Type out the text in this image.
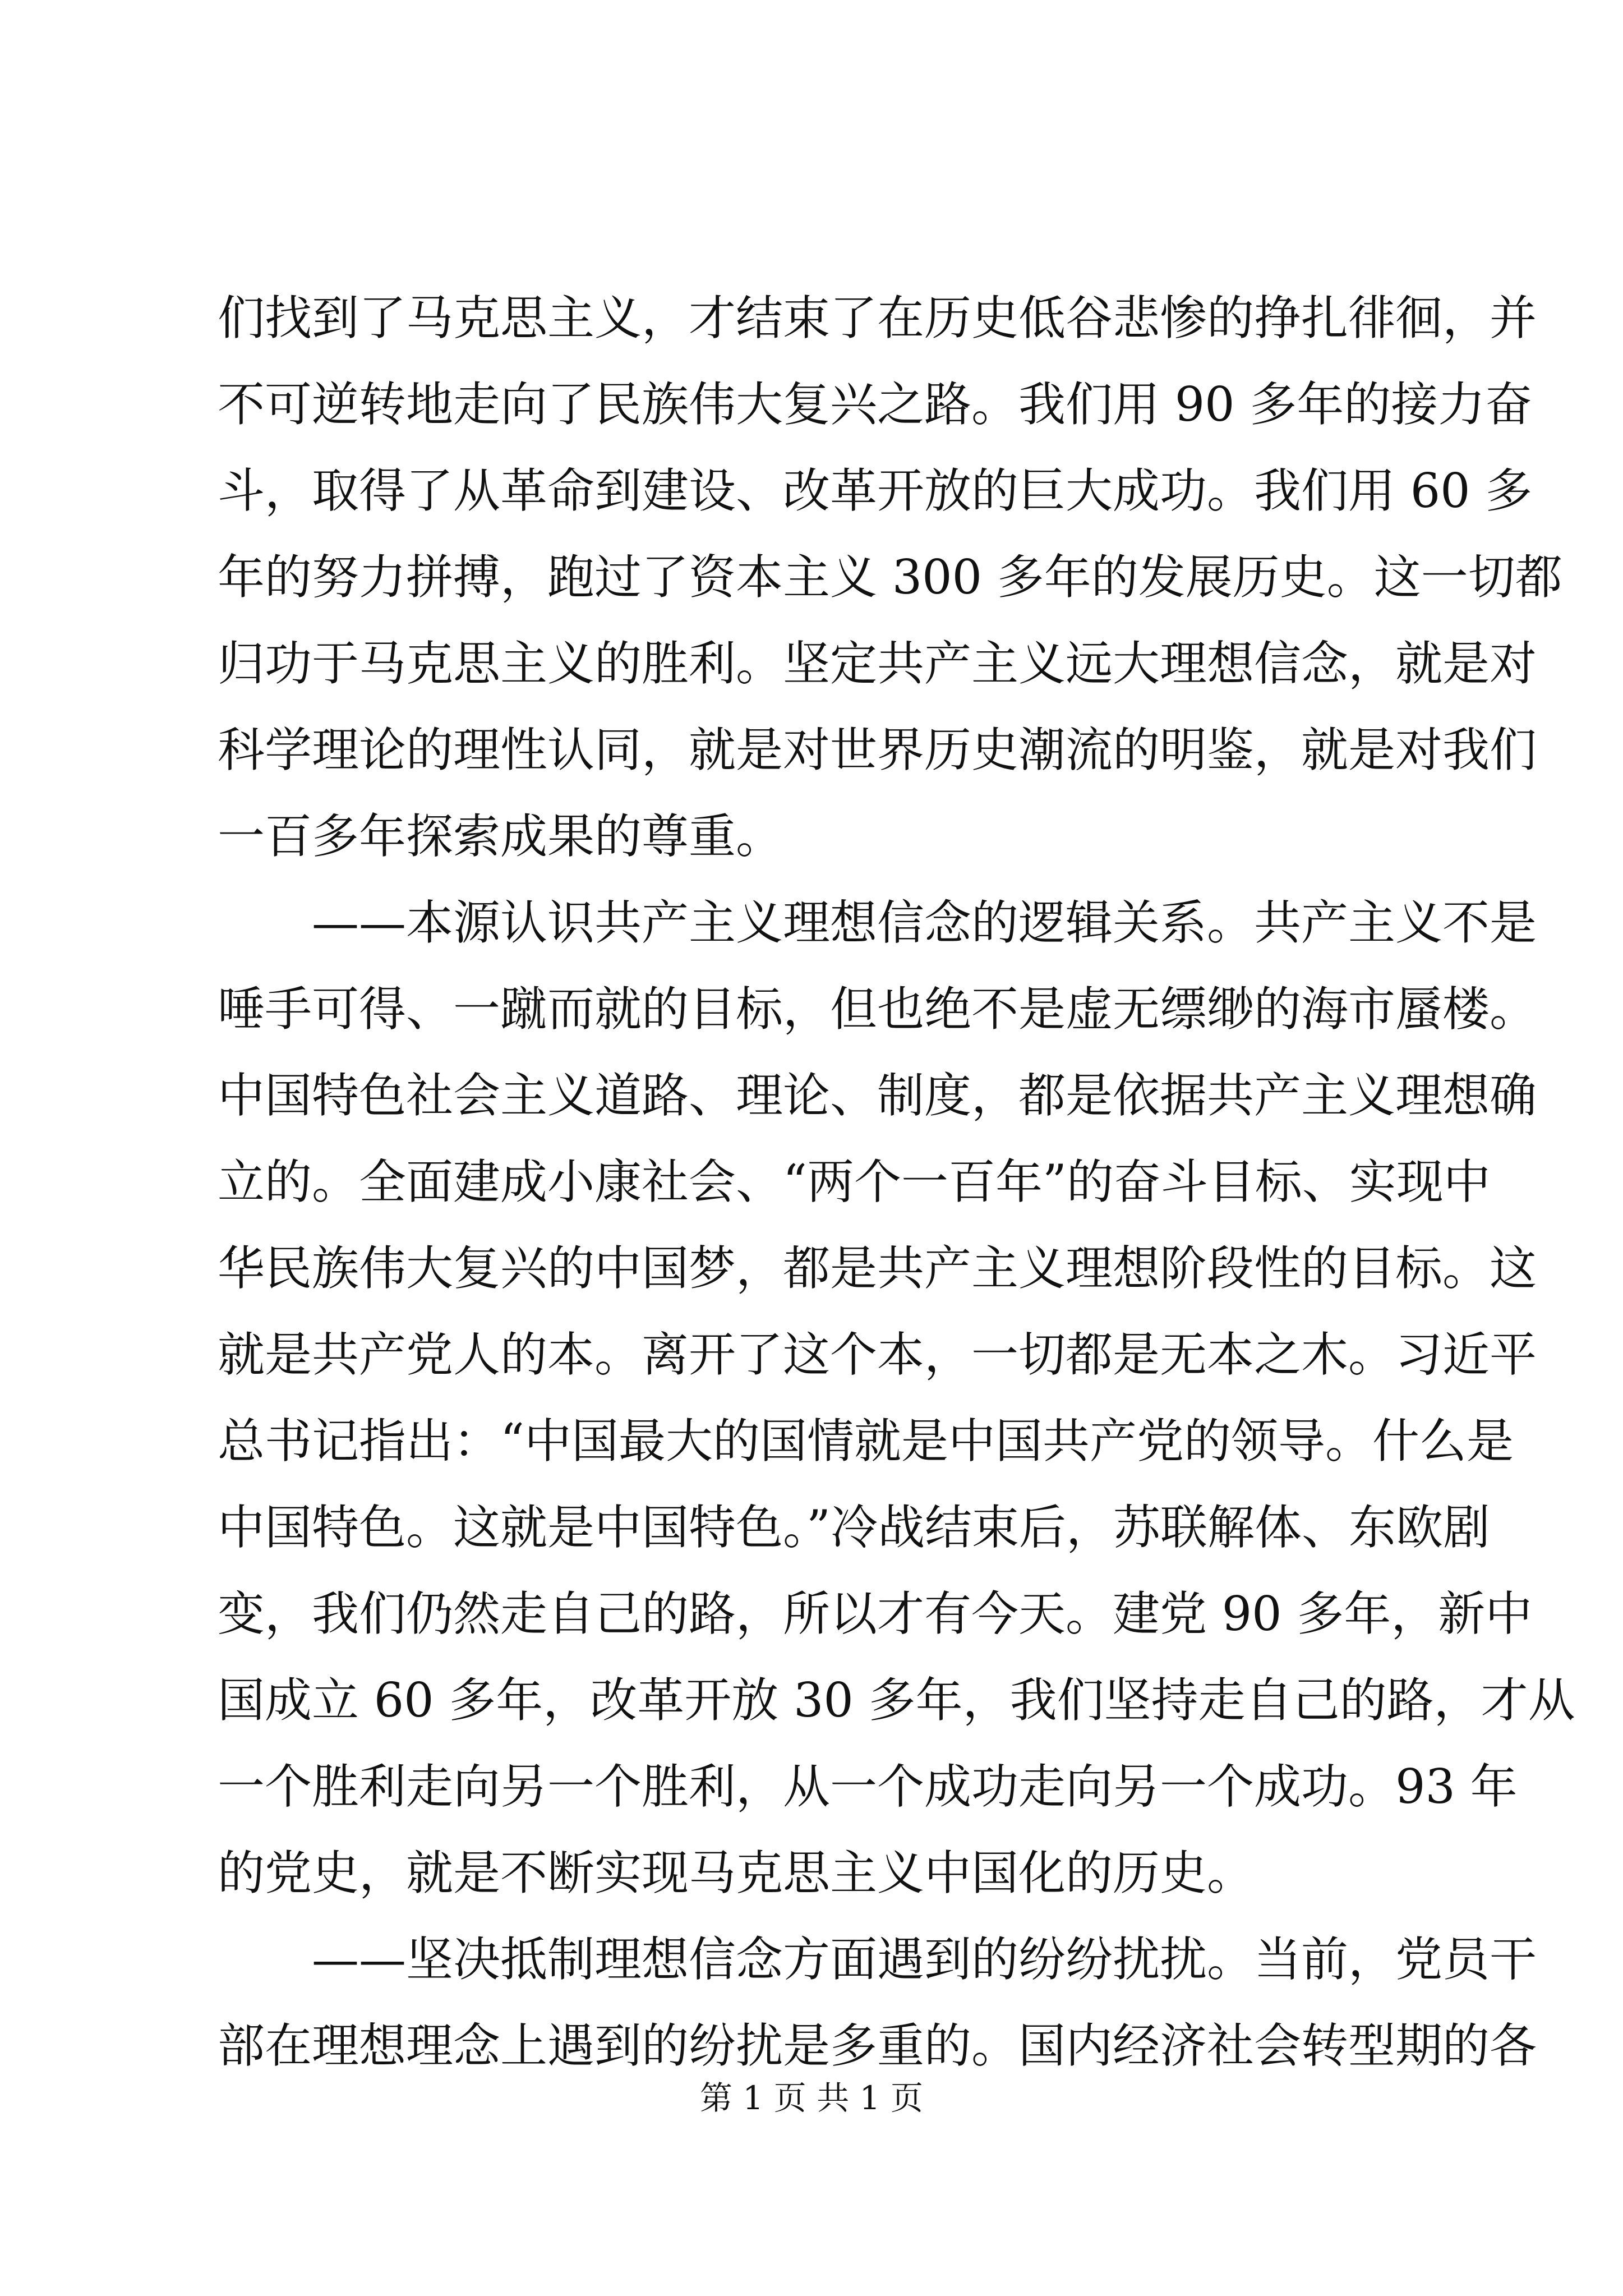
们找到了马克思主义，才结束了在历史低谷悲惨的挣扎徘徊，并
不可逆转地走向了民族伟大复兴之路。我们用 90 多年的接力奋
斗，取得了从革命到建设、改革开放的巨大成功。我们用 60 多
年的努力拼搏，跑过了资本主义 300 多年的发展历史。这一切都
归功于马克思主义的胜利。坚定共产主义远大理想信念，就是对
科学理论的理性认同，就是对世界历史潮流的明鉴，就是对我们
一百多年探索成果的尊重。
——本源认识共产主义理想信念的逻辑关系。共产主义不是
唾手可得、一蹴而就的目标，但也绝不是虚无缥缈的海市蜃楼。
中国特色社会主义道路、理论、制度，都是依据共产主义理想确
立的。全面建成小康社会、“两个一百年”的奋斗目标、实现中
华民族伟大复兴的中国梦，都是共产主义理想阶段性的目标。这
就是共产党人的本。离开了这个本，一切都是无本之木。习近平
总书记指出：“中国最大的国情就是中国共产党的领导。什么是
中国特色。这就是中国特色。”冷战结束后，苏联解体、东欧剧
变，我们仍然走自己的路，所以才有今天。建党 90 多年，新中
国成立 60 多年，改革开放 30 多年，我们坚持走自己的路，才从
一个胜利走向另一个胜利，从一个成功走向另一个成功。93 年
的党史，就是不断实现马克思主义中国化的历史。
——坚决抵制理想信念方面遇到的纷纷扰扰。当前，党员干
部在理想理念上遇到的纷扰是多重的。国内经济社会转型期的各
第 1 页 共 1 页
